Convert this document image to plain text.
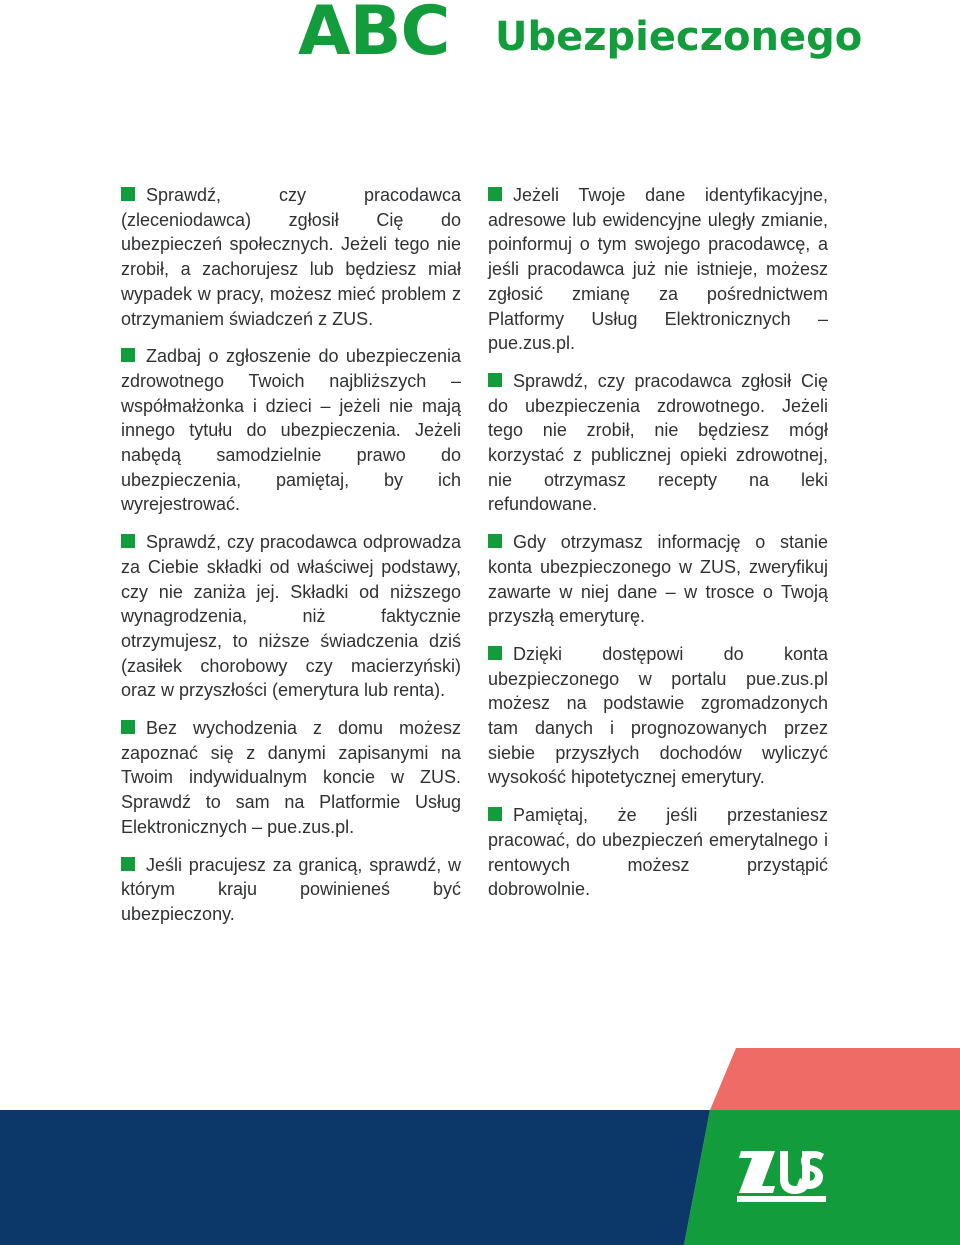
ABC Ubezpieczonego

Sprawdź, czy pracodawca (zleceniodawca) zgłosił Cię do ubezpieczeń społecznych. Jeżeli tego nie zrobił, a zachorujesz lub będziesz miał wypadek w pracy, możesz mieć problem z otrzymaniem świadczeń z ZUS.

Zadbaj o zgłoszenie do ubezpieczenia zdrowotnego Twoich najbliższych – współmałżonka i dzieci – jeżeli nie mają innego tytułu do ubezpieczenia. Jeżeli nabędą samodzielnie prawo do ubezpieczenia, pamiętaj, by ich wyrejestrować.

Sprawdź, czy pracodawca odprowadza za Ciebie składki od właściwej podstawy, czy nie zaniża jej. Składki od niższego wynagrodzenia, niż faktycznie otrzymujesz, to niższe świadczenia dziś (zasiłek chorobowy czy macierzyński) oraz w przyszłości (emerytura lub renta).

Bez wychodzenia z domu możesz zapoznać się z danymi zapisanymi na Twoim indywidualnym koncie w ZUS. Sprawdź to sam na Platformie Usług Elektronicznych – pue.zus.pl.

Jeśli pracujesz za granicą, sprawdź, w którym kraju powinieneś być ubezpieczony.

Jeżeli Twoje dane identyfikacyjne, adresowe lub ewidencyjne uległy zmianie, poinformuj o tym swojego pracodawcę, a jeśli pracodawca już nie istnieje, możesz zgłosić zmianę za pośrednictwem Platformy Usług Elektronicznych – pue.zus.pl.

Sprawdź, czy pracodawca zgłosił Cię do ubezpieczenia zdrowotnego. Jeżeli tego nie zrobił, nie będziesz mógł korzystać z publicznej opieki zdrowotnej, nie otrzymasz recepty na leki refundowane.

Gdy otrzymasz informację o stanie konta ubezpieczonego w ZUS, zweryfikuj zawarte w niej dane – w trosce o Twoją przyszłą emeryturę.

Dzięki dostępowi do konta ubezpieczonego w portalu pue.zus.pl możesz na podstawie zgromadzonych tam danych i prognozowanych przez siebie przyszłych dochodów wyliczyć wysokość hipotetycznej emerytury.

Pamiętaj, że jeśli przestaniesz pracować, do ubezpieczeń emerytalnego i rentowych możesz przystąpić dobrowolnie.
